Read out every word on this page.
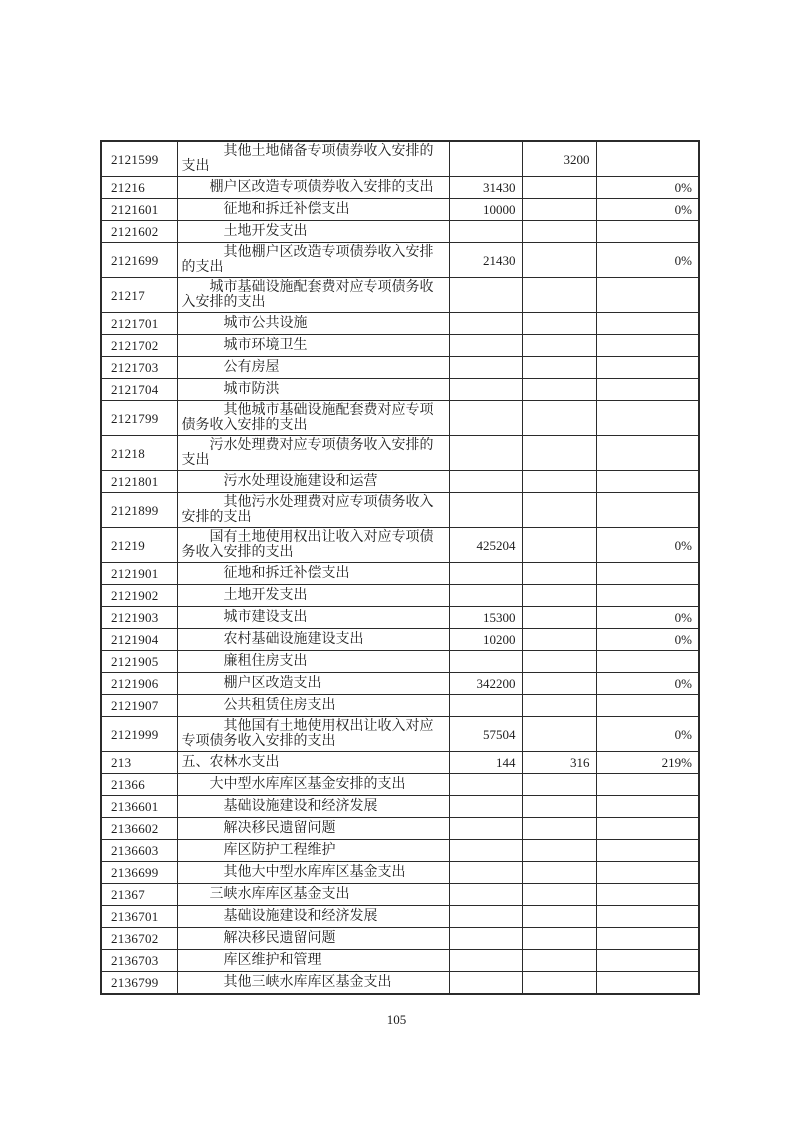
2121599	其他土地储备专项债券收入安排的支出		3200	
21216	棚户区改造专项债券收入安排的支出	31430		0%
2121601	征地和拆迁补偿支出	10000		0%
2121602	土地开发支出			
2121699	其他棚户区改造专项债券收入安排的支出	21430		0%
21217	城市基础设施配套费对应专项债务收入安排的支出			
2121701	城市公共设施			
2121702	城市环境卫生			
2121703	公有房屋			
2121704	城市防洪			
2121799	其他城市基础设施配套费对应专项债务收入安排的支出			
21218	污水处理费对应专项债务收入安排的支出			
2121801	污水处理设施建设和运营			
2121899	其他污水处理费对应专项债务收入安排的支出			
21219	国有土地使用权出让收入对应专项债务收入安排的支出	425204		0%
2121901	征地和拆迁补偿支出			
2121902	土地开发支出			
2121903	城市建设支出	15300		0%
2121904	农村基础设施建设支出	10200		0%
2121905	廉租住房支出			
2121906	棚户区改造支出	342200		0%
2121907	公共租赁住房支出			
2121999	其他国有土地使用权出让收入对应专项债务收入安排的支出	57504		0%
213	五、农林水支出	144	316	219%
21366	大中型水库库区基金安排的支出			
2136601	基础设施建设和经济发展			
2136602	解决移民遗留问题			
2136603	库区防护工程维护			
2136699	其他大中型水库库区基金支出			
21367	三峡水库库区基金支出			
2136701	基础设施建设和经济发展			
2136702	解决移民遗留问题			
2136703	库区维护和管理			
2136799	其他三峡水库库区基金支出			
105
